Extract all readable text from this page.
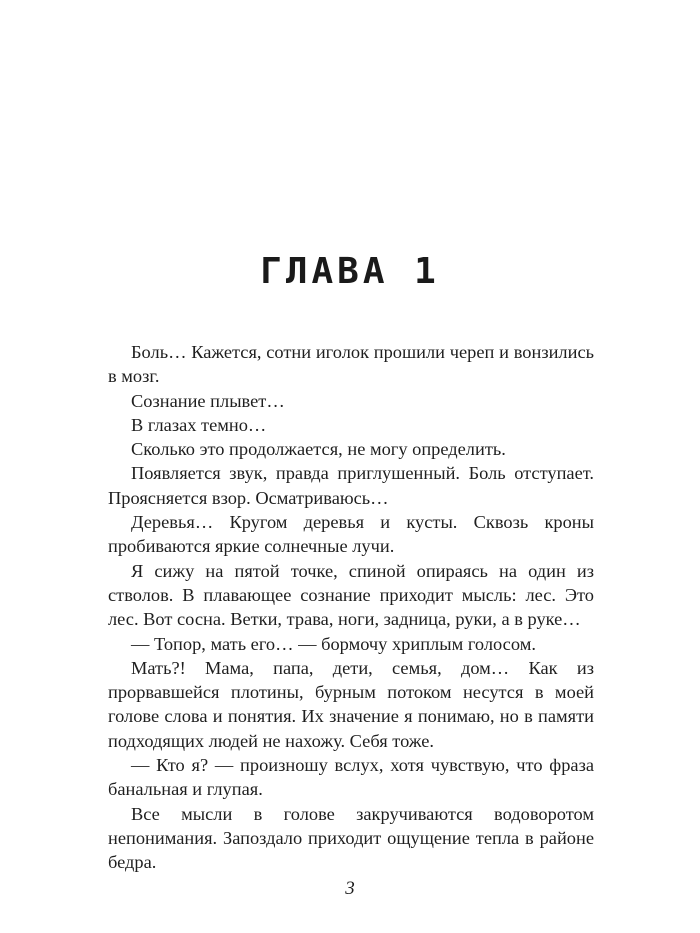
ГЛАВА 1

Боль… Кажется, сотни иголок прошили череп и вонзились в мозг.

Сознание плывет…

В глазах темно…

Сколько это продолжается, не могу определить.

Появляется звук, правда приглушенный. Боль отступает. Проясняется взор. Осматриваюсь…

Деревья… Кругом деревья и кусты. Сквозь кроны пробиваются яркие солнечные лучи.

Я сижу на пятой точке, спиной опираясь на один из стволов. В плавающее сознание приходит мысль: лес. Это лес. Вот сосна. Ветки, трава, ноги, задница, руки, а в руке…

— Топор, мать его… — бормочу хриплым голосом.

Мать?! Мама, папа, дети, семья, дом… Как из прорвавшейся плотины, бурным потоком несутся в моей голове слова и понятия. Их значение я понимаю, но в памяти подходящих людей не нахожу. Себя тоже.

— Кто я? — произношу вслух, хотя чувствую, что фраза банальная и глупая.

Все мысли в голове закручиваются водоворотом непонимания. Запоздало приходит ощущение тепла в районе бедра.

3
